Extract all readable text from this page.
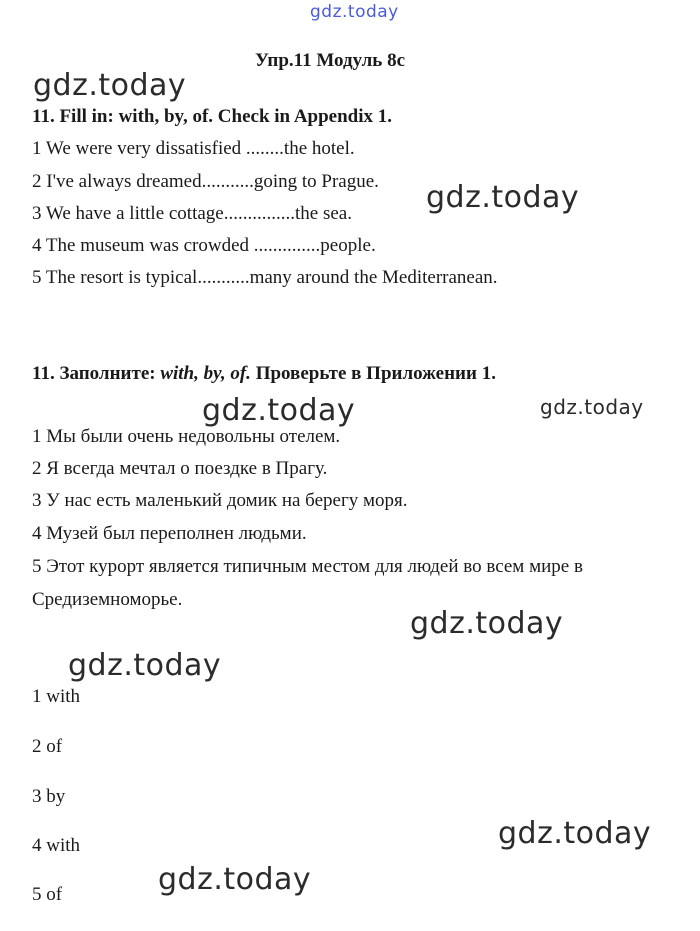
gdz.today
gdz.today
gdz.today
gdz.today	gdz.today
gdz.today
gdz.today
gdz.today
gdz.today
Упр.11 Модуль 8с
11. Fill in: with, by, of. Check in Appendix 1.
1 We were very dissatisfied ........the hotel.
2 I've always dreamed...........going to Prague.
3 We have a little cottage...............the sea.
4 The museum was crowded ..............people.
5 The resort is typical...........many around the Mediterranean.
11. Заполните: with, by, of. Проверьте в Приложении 1.
1 Мы были очень недовольны отелем.
2 Я всегда мечтал о поездке в Прагу.
3 У нас есть маленький домик на берегу моря.
4 Музей был переполнен людьми.
5 Этот курорт является типичным местом для людей во всем мире в
Средиземноморье.
1 with
2 of
3 by
4 with
5 of
